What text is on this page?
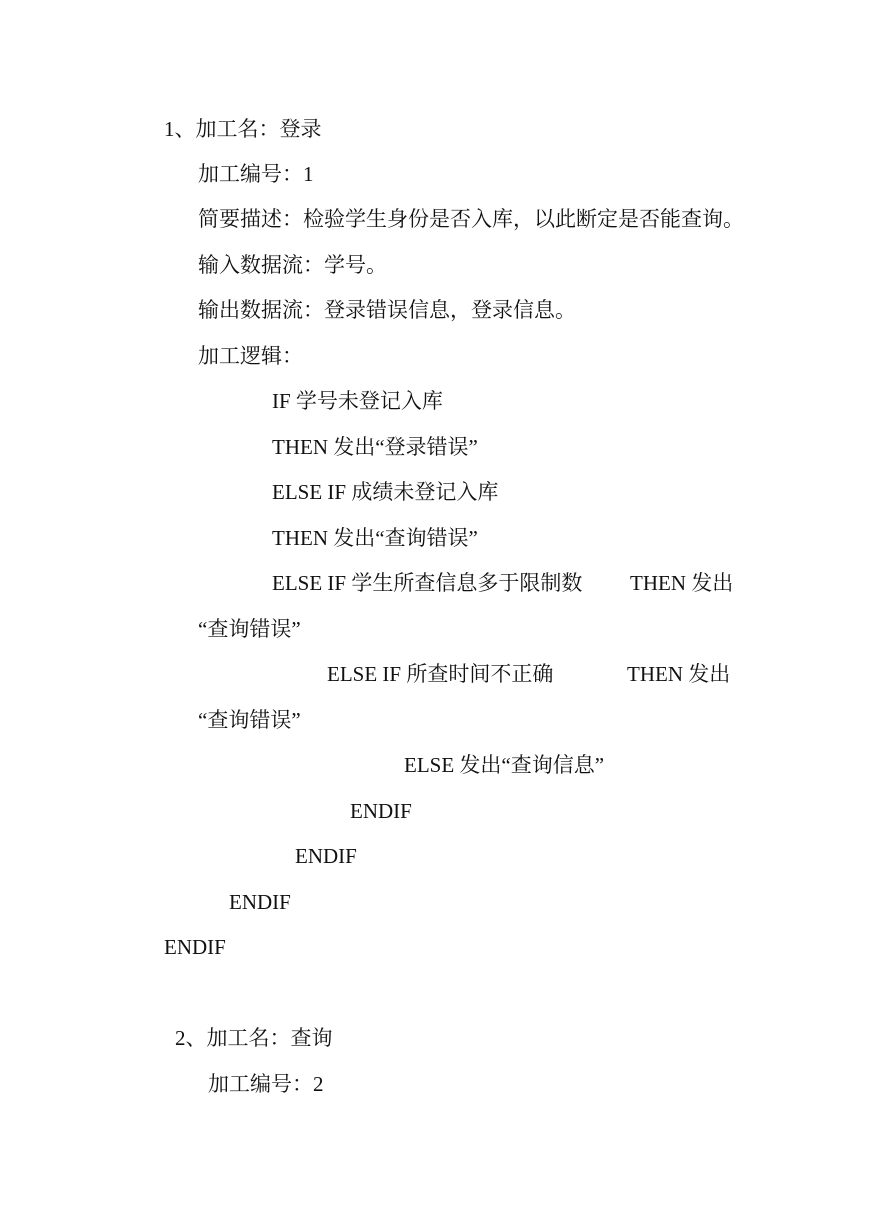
1、加工名：登录
加工编号：1
简要描述：检验学生身份是否入库，以此断定是否能查询。
输入数据流：学号。
输出数据流：登录错误信息，登录信息。
加工逻辑：
IF 学号未登记入库
THEN 发出“登录错误”
ELSE IF 成绩未登记入库
THEN 发出“查询错误”
ELSE IF 学生所查信息多于限制数 THEN 发出
“查询错误”
ELSE IF 所查时间不正确	THEN 发出
“查询错误”
ELSE 发出“查询信息”
ENDIF
ENDIF
ENDIF
ENDIF
2、加工名：查询
加工编号：2
